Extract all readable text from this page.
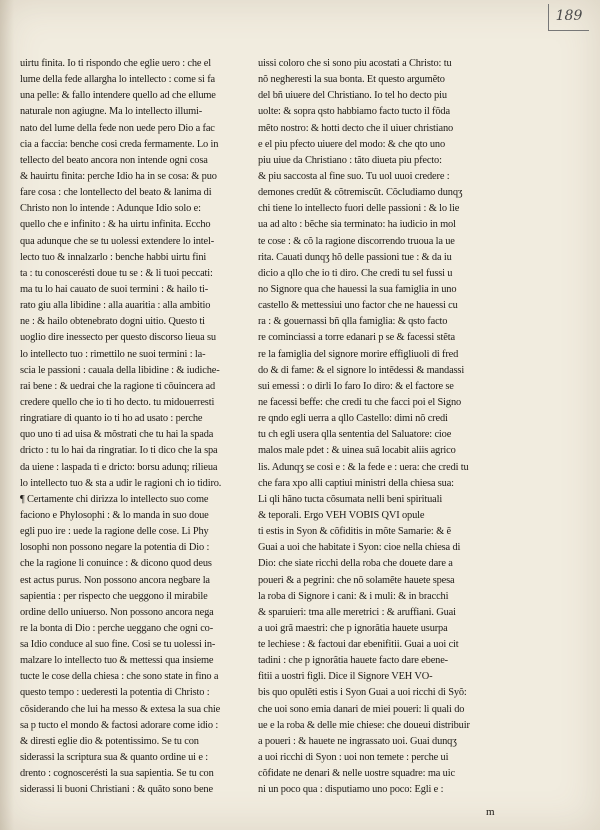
189
uirtu finita. Io ti rispondo che eglie uero : che el
lume della fede allargha lo intellecto : come si fa
una pelle: & fallo intendere quello ad che ellume
naturale non agiugne. Ma lo intellecto illumi-
nato del lume della fede non uede pero Dio a fac
cia a faccia: benche cosi creda fermamente. Lo in
tellecto del beato ancora non intende ogni cosa
& hauirtu finita: perche Idio ha in se cosa: & puo
fare cosa : che lontellecto del beato & lanima di
Christo non lo intende : Adunque Idio solo e:
quello che e infinito : & ha uirtu infinita. Eccho
qua adunque che se tu uolessi extendere lo intel-
lecto tuo & innalzarlo : benche habbi uirtu fini
ta : tu conoscerésti doue tu se : & li tuoi peccati:
ma tu lo hai cauato de suoi termini : & hailo ti-
rato giu alla libidine : alla auaritia : alla ambitio
ne : & hailo obtenebrato dogni uitio. Questo ti
uoglio dire inessecto per questo discorso lieua su
lo intellecto tuo : rimettilo ne suoi termini : la-
scia le passioni : cauala della libidine : & iudiche-
rai bene : & uedrai che la ragione ti cõuincera ad
credere quello che io ti ho decto. tu midouerresti
ringratiare di quanto io ti ho ad usato : perche
quo uno ti ad uisa & mõstrati che tu hai la spada
dricto : tu lo hai da ringratiar. Io ti dico che la spa
da uiene : laspada ti e dricto: borsu adunq; rilieua
lo intellecto tuo & sta a udir le ragioni ch io tidiro.
¶ Certamente chi dirizza lo intellecto suo come
faciono e Phylosophi : & lo manda in suo doue
egli puo ire : uede la ragione delle cose. Li Phy
losophi non possono negare la potentia di Dio :
che la ragione li conuince : & dicono quod deus
est actus purus. Non possono ancora negbare la
sapientia : per rispecto che ueggono il mirabile
ordine dello uniuerso. Non possono ancora nega
re la bonta di Dio : perche ueggano che ogni co-
sa Idio conduce al suo fine. Cosi se tu uolessi in-
malzare lo intellecto tuo & mettessi qua insieme
tucte le cose della chiesa : che sono state in fino a
questo tempo : uederesti la potentia di Christo :
cõsiderando che lui ha messo & extesa la sua chie
sa p tucto el mondo & factosi adorare come idio :
& diresti eglie dio & potentissimo. Se tu con
siderassi la scriptura sua & quanto ordine ui e :
drento : cognoscerésti la sua sapientia. Se tu con
siderassi li buoni Christiani : & quãto sono bene
uissi coloro che si sono piu acostati a Christo: tu
nõ negheresti la sua bonta. Et questo argumẽto
del bñ uiuere del Christiano. Io tel ho decto piu
uolte: & sopra qsto habbiamo facto tucto il fõda
mẽto nostro: & hotti decto che il uiuer christiano
e el piu pfecto uiuere del modo: & che qto uno
piu uiue da Christiano : tãto diueta piu pfecto:
& piu saccosta al fine suo. Tu uol uuoi credere :
demones credũt & cõtremiscũt. Cõcludiamo dunqʒ
chi tiene lo intellecto fuori delle passioni : & lo lie
ua ad alto : bẽche sia terminato: ha iudicio in mol
te cose : & cõ la ragione discorrendo truoua la ue
rita. Cauati dunqʒ hõ delle passioni tue : & da iu
dicio a qllo che io ti diro. Che credi tu sel fussi u
no Signore qua che hauessi la sua famiglia in uno
castello & mettessiui uno factor che ne hauessi cu
ra : & gouernassi bñ qlla famiglia: & qsto facto
re cominciassi a torre edanari p se & facessi stẽta
re la famiglia del signore morire effigliuoli di fred
do & di fame: & el signore lo intẽdessi & mandassi
sui emessi : o dirli Io faro Io diro: & el factore se
ne facessi beffe: che credi tu che facci poi el Signo
re qndo egli uerra a qllo Castello: dimi nõ credi
tu ch egli usera qlla sententia del Saluatore: cioe
malos male pdet : & uinea suã locabit aliis agrico
lis. Adunqʒ se cosi e : & la fede e : uera: che credi tu
che fara xpo alli captiui ministri della chiesa sua:
Li qli hãno tucta cõsumata nelli beni spirituali
& teporali. Ergo VEH VOBIS QVI opule
ti estis in Syon & cõfiditis in mõte Samarie: & ẽ
Guai a uoi che habitate i Syon: cioe nella chiesa di
Dio: che siate ricchi della roba che douete dare a
poueri & a pegrini: che nõ solamẽte hauete spesa
la roba di Signore i cani: & i muli: & in bracchi
& sparuieri: tma alle meretrici : & aruffiani. Guai
a uoi grã maestri: che p ignorãtia hauete usurpa
te lechiese : & factoui dar ebenifitii. Guai a uoi cit
tadini : che p ignorãtia hauete facto dare ebene-
fitii a uostri figli. Dice il Signore VEH VO-
bis quo opulẽti estis i Syon Guai a uoi ricchi di Syõ:
che uoi sono emia danari de miei poueri: li quali do
ue e la roba & delle mie chiese: che doueui distribuir
a poueri : & hauete ne ingrassato uoi. Guai dunqʒ
a uoi ricchi di Syon : uoi non temete : perche ui
cõfidate ne denari & nelle uostre squadre: ma uic
ni un poco qua : disputiamo uno poco: Egli e :
m
